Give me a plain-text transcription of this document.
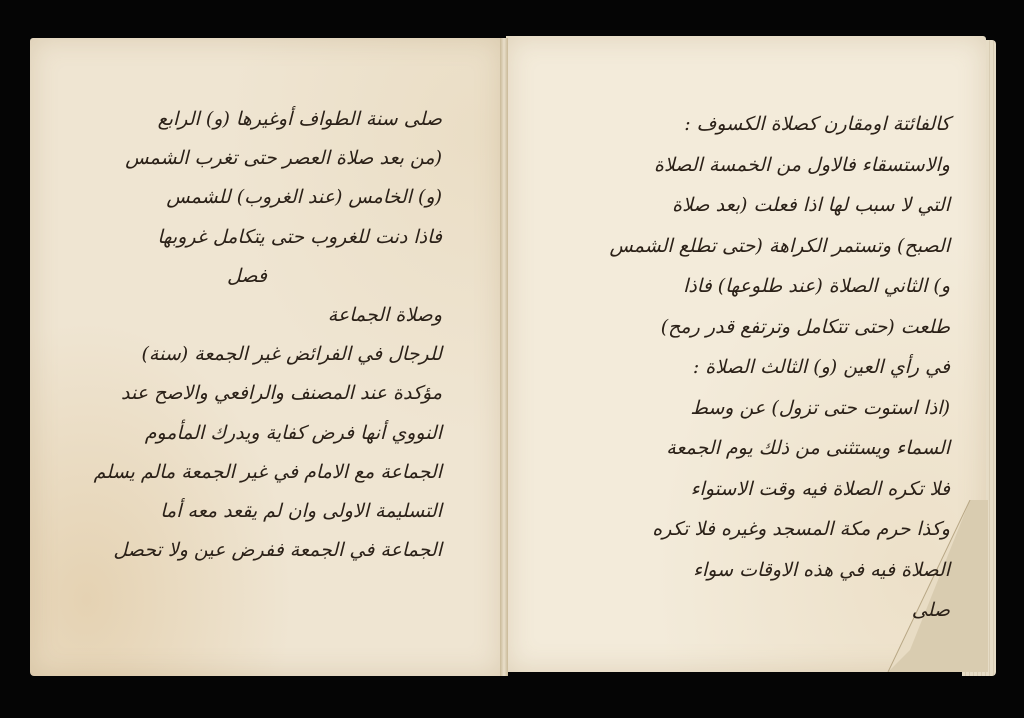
صلى سنة الطواف أوغيرها (و) الرابع
(من بعد صلاة العصر حتى تغرب الشمس
(و) الخامس (عند الغروب) للشمس
فاذا دنت للغروب حتى يتكامل غروبها
فصل
وصلاة الجماعة
للرجال في الفرائض غير الجمعة (سنة)
مؤكدة عند المصنف والرافعي والاصح عند
النووي أنها فرض كفاية ويدرك المأموم
الجماعة مع الامام في غير الجمعة مالم يسلم
التسليمة الاولى وان لم يقعد معه أما
الجماعة في الجمعة ففرض عين ولا تحصل
كالفائتة اومقارن كصلاة الكسوف :
والاستسقاء فالاول من الخمسة الصلاة
التي لا سبب لها اذا فعلت (بعد صلاة
الصبح) وتستمر الكراهة (حتى تطلع الشمس
و) الثاني الصلاة (عند طلوعها) فاذا
طلعت (حتى تتكامل وترتفع قدر رمح)
في رأي العين (و) الثالث الصلاة :
(اذا استوت حتى تزول) عن وسط
السماء ويستثنى من ذلك يوم الجمعة
فلا تكره الصلاة فيه وقت الاستواء
وكذا حرم مكة المسجد وغيره فلا تكره
الصلاة فيه في هذه الاوقات سواء
صلى
